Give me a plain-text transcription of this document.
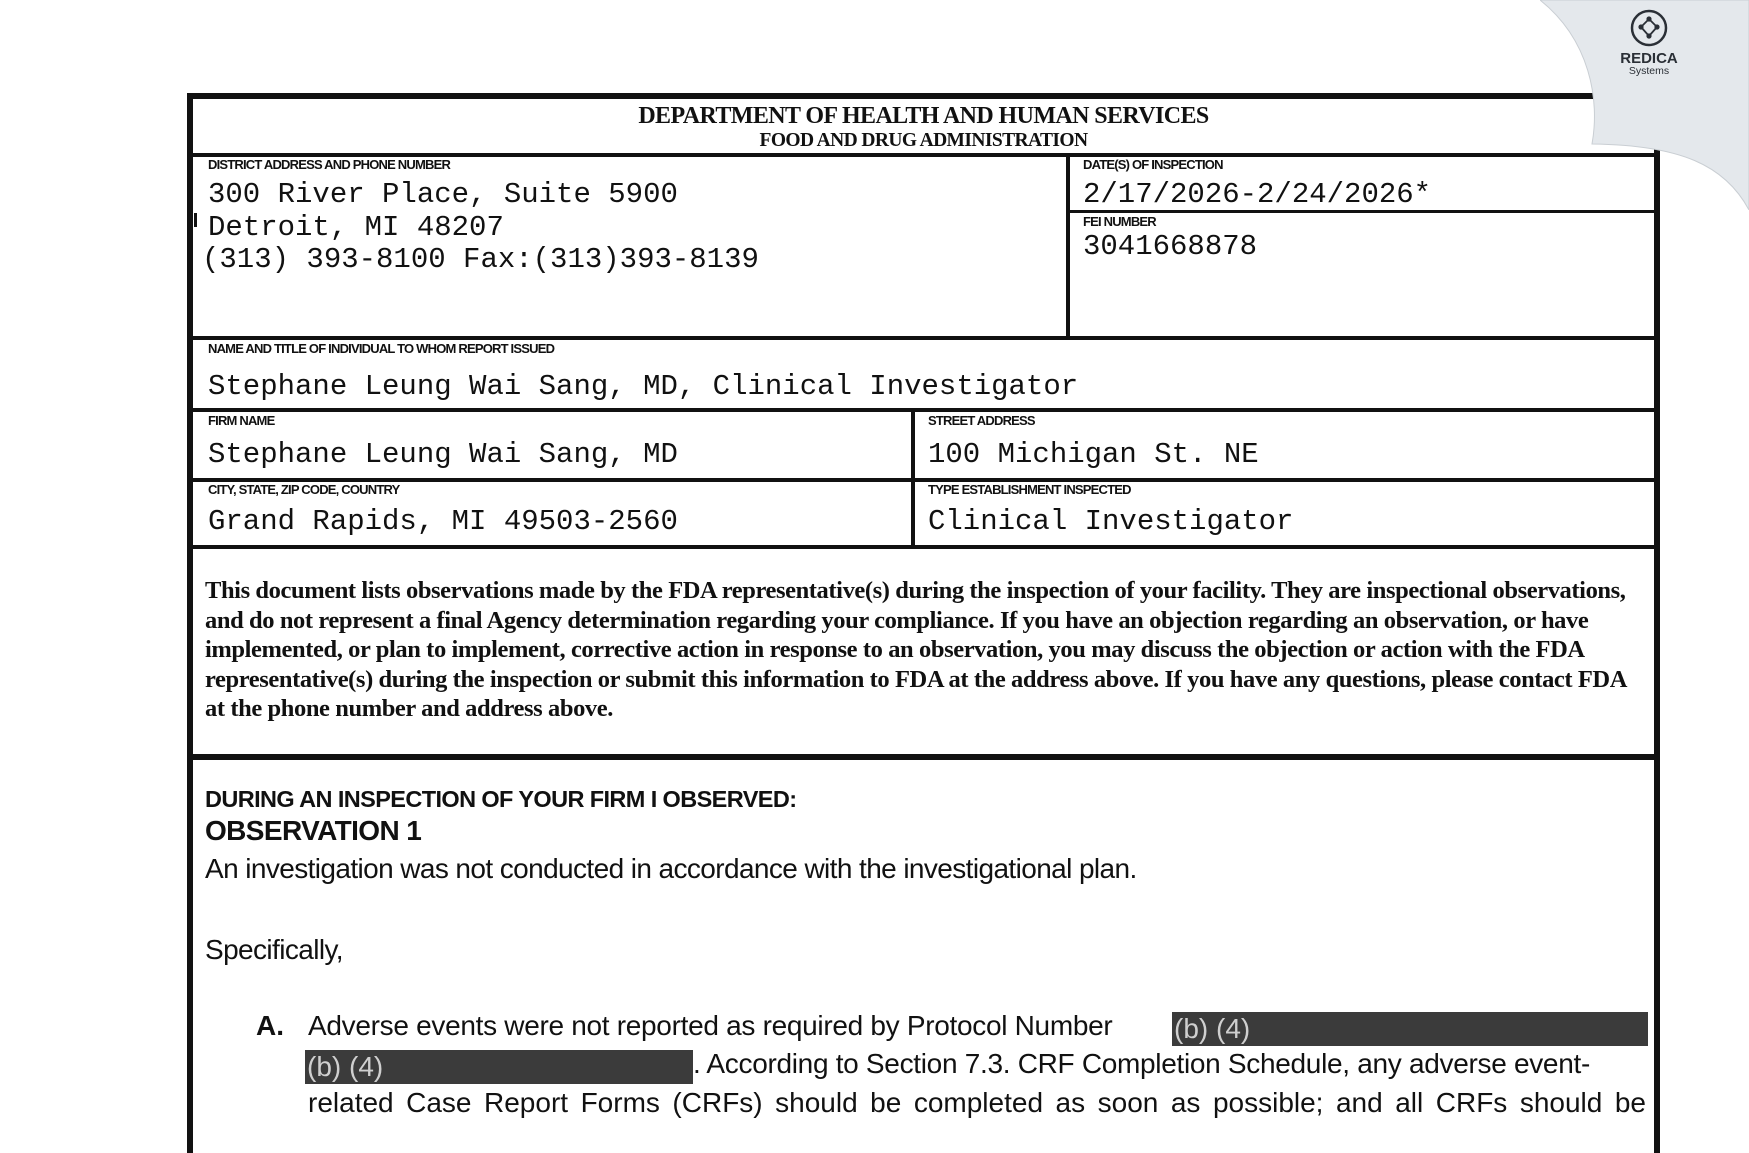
DEPARTMENT OF HEALTH AND HUMAN SERVICES
FOOD AND DRUG ADMINISTRATION
DISTRICT ADDRESS AND PHONE NUMBER
300 River Place, Suite 5900
Detroit, MI 48207
(313) 393-8100 Fax:(313)393-8139
DATE(S) OF INSPECTION
2/17/2026-2/24/2026*
FEI NUMBER
3041668878
NAME AND TITLE OF INDIVIDUAL TO WHOM REPORT ISSUED
Stephane Leung Wai Sang, MD, Clinical Investigator
FIRM NAME
Stephane Leung Wai Sang, MD
STREET ADDRESS
100 Michigan St. NE
CITY, STATE, ZIP CODE, COUNTRY
Grand Rapids, MI 49503-2560
TYPE ESTABLISHMENT INSPECTED
Clinical Investigator
This document lists observations made by the FDA representative(s) during the inspection of your facility. They are inspectional observations, and do not represent a final Agency determination regarding your compliance. If you have an objection regarding an observation, or have implemented, or plan to implement, corrective action in response to an observation, you may discuss the objection or action with the FDA representative(s) during the inspection or submit this information to FDA at the address above. If you have any questions, please contact FDA at the phone number and address above.
DURING AN INSPECTION OF YOUR FIRM I OBSERVED:
OBSERVATION 1
An investigation was not conducted in accordance with the investigational plan.
Specifically,
A. Adverse events were not reported as required by Protocol Number (b) (4)
(b) (4)	. According to Section 7.3. CRF Completion Schedule, any adverse event-
related Case Report Forms (CRFs) should be completed as soon as possible; and all CRFs should be
REDICA
Systems
